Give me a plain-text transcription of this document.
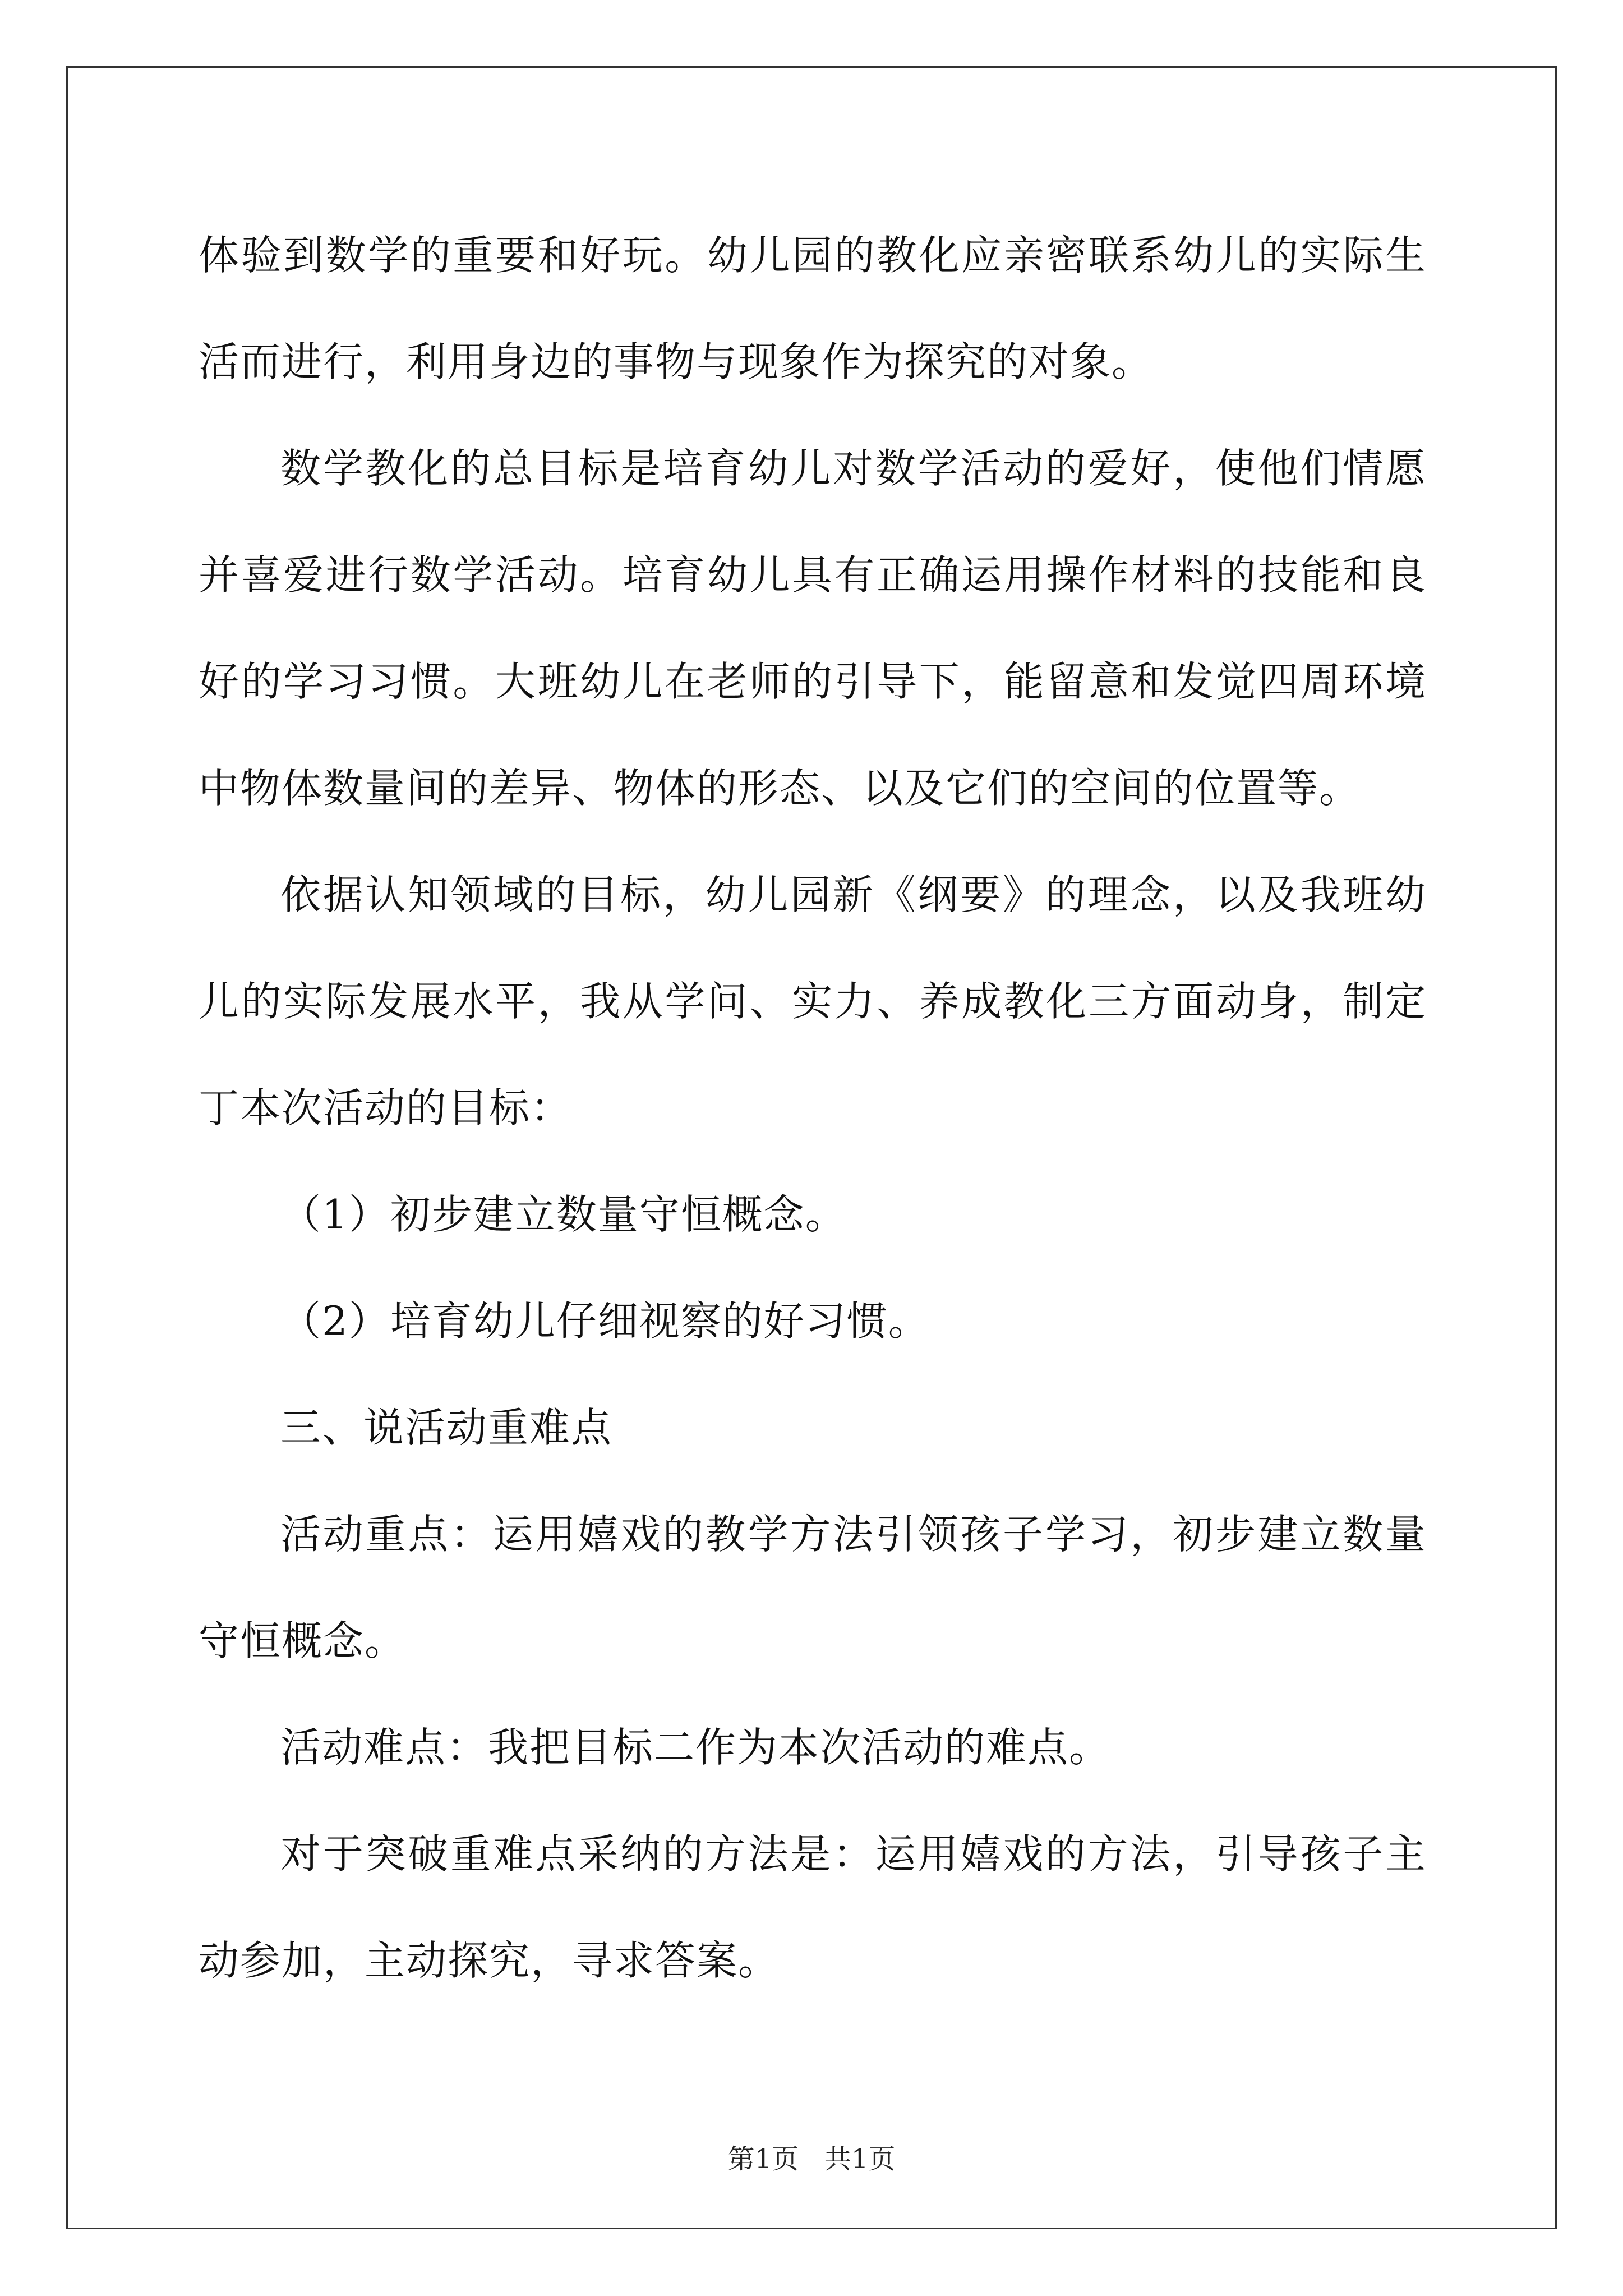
体验到数学的重要和好玩。幼儿园的教化应亲密联系幼儿的实际生活而进行，利用身边的事物与现象作为探究的对象。

数学教化的总目标是培育幼儿对数学活动的爱好，使他们情愿并喜爱进行数学活动。培育幼儿具有正确运用操作材料的技能和良好的学习习惯。大班幼儿在老师的引导下，能留意和发觉四周环境中物体数量间的差异、物体的形态、以及它们的空间的位置等。

依据认知领域的目标，幼儿园新《纲要》的理念，以及我班幼儿的实际发展水平，我从学问、实力、养成教化三方面动身，制定丁本次活动的目标：

（1）初步建立数量守恒概念。

（2）培育幼儿仔细视察的好习惯。

三、说活动重难点

活动重点：运用嬉戏的教学方法引领孩子学习，初步建立数量守恒概念。

活动难点：我把目标二作为本次活动的难点。

对于突破重难点采纳的方法是：运用嬉戏的方法，引导孩子主动参加，主动探究，寻求答案。

第1页   共1页
